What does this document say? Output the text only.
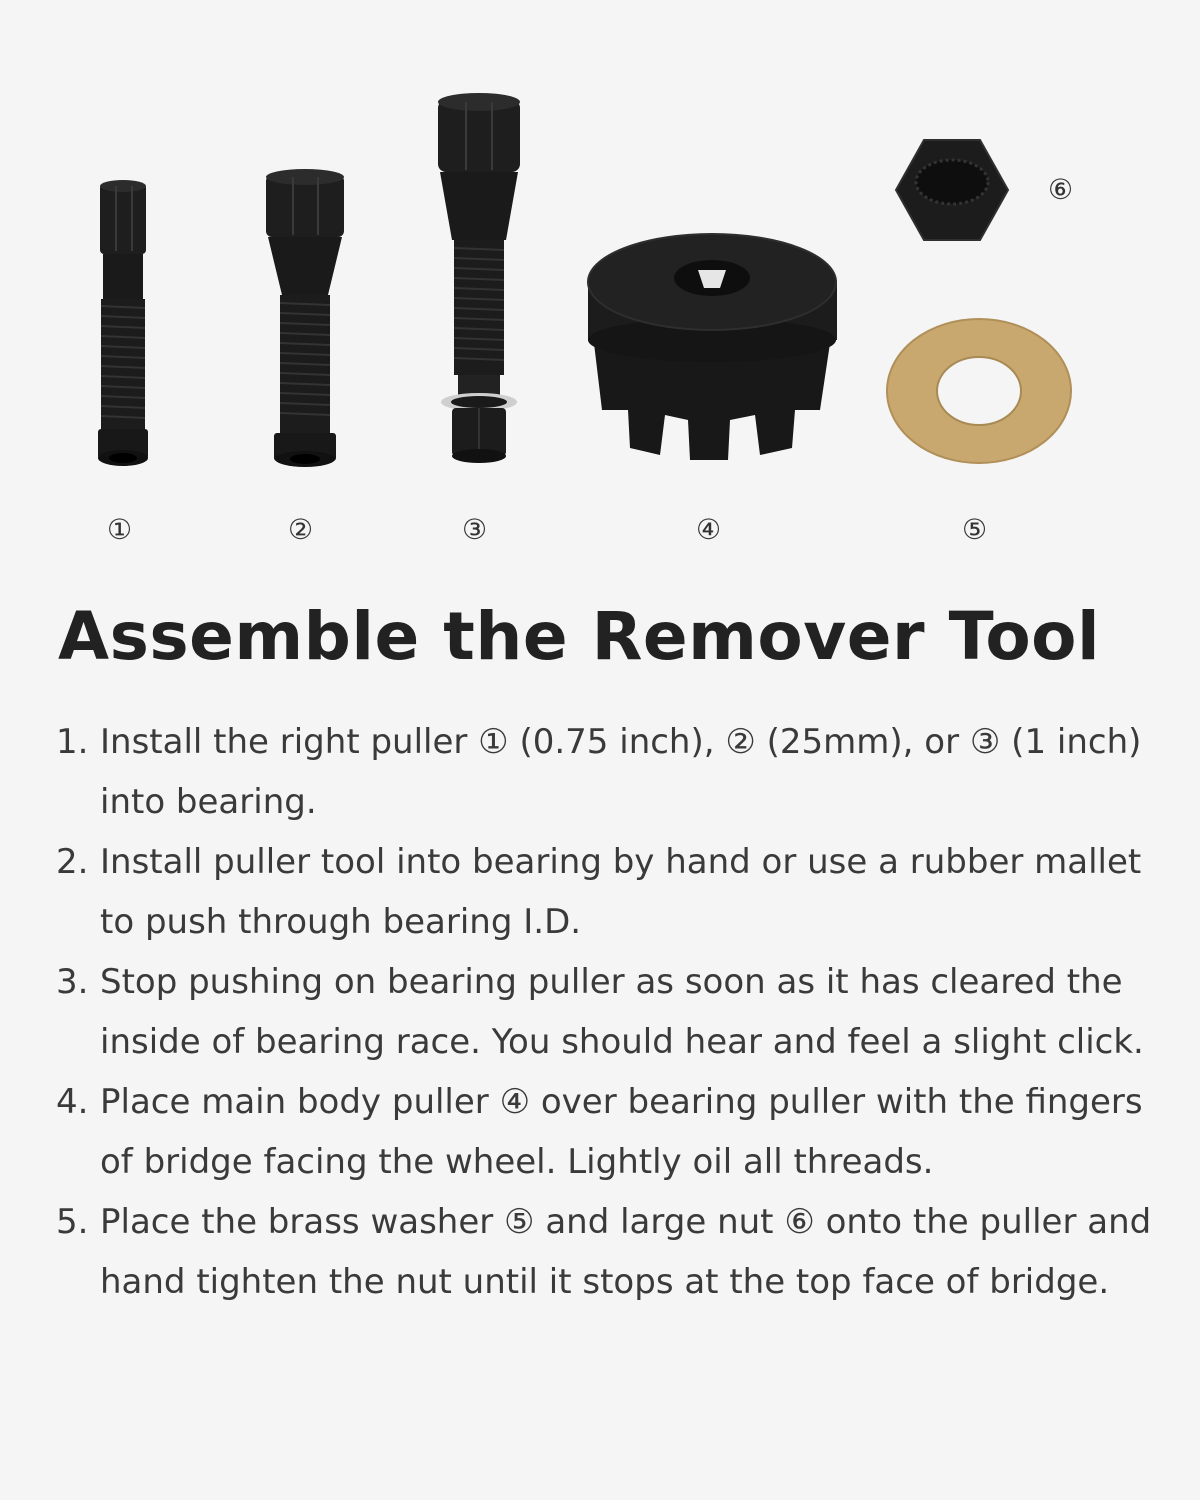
①	②	③	④	⑤
⑥
Assemble the Remover Tool
1. Install the right puller ① (0.75 inch), ② (25mm), or ③ (1 inch) into bearing.
2. Install puller tool into bearing by hand or use a rubber mallet to push through bearing I.D.
3. Stop pushing on bearing puller as soon as it has cleared the inside of bearing race. You should hear and feel a slight click.
4. Place main body puller ④ over bearing puller with the fingers of bridge facing the wheel. Lightly oil all threads.
5. Place the brass washer ⑤ and large nut ⑥ onto the puller and hand tighten the nut until it stops at the top face of bridge.
